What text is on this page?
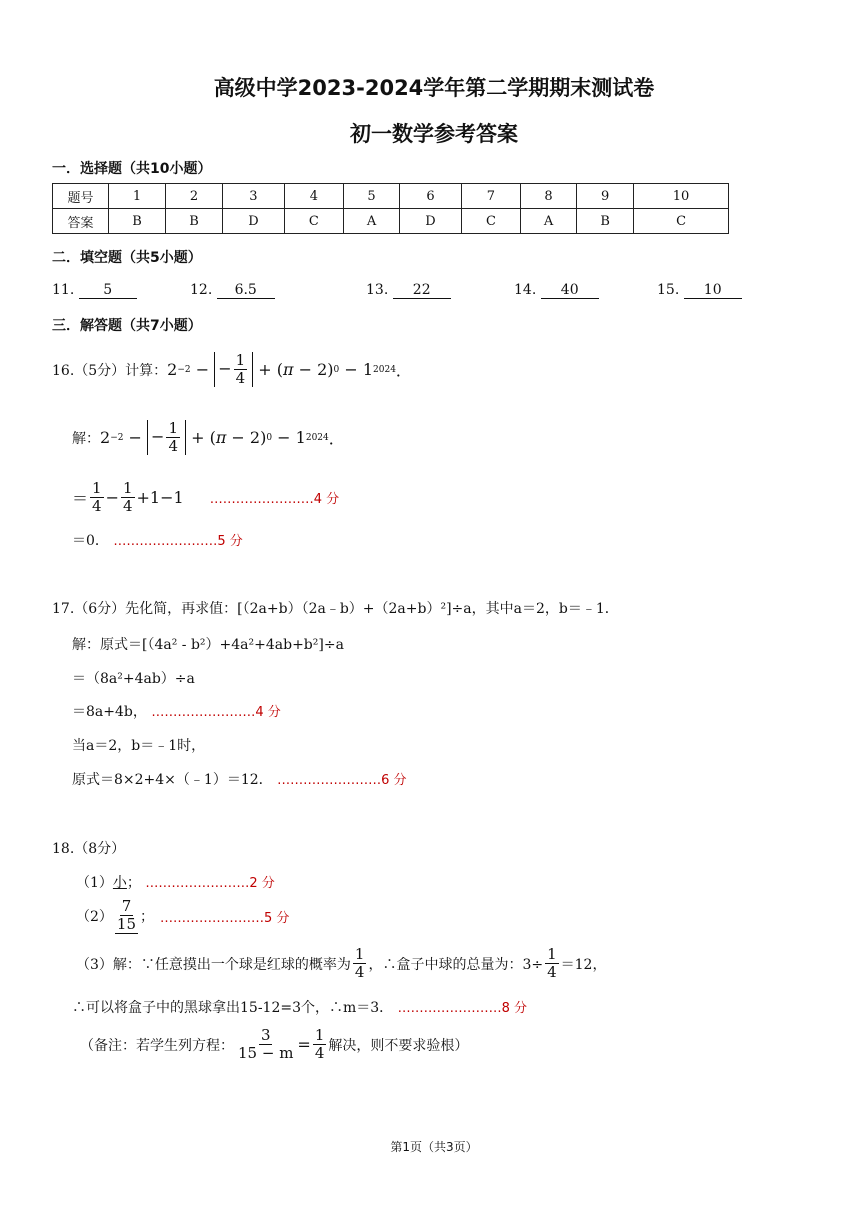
高级中学2023-2024学年第二学期期末测试卷
初一数学参考答案
一．选择题（共10小题）
题号	1	2	3	4	5	6	7	8	9	10
答案	B	B	D	C	A	D	C	A	B	C
二．填空题（共5小题）
11. 5	12. 6.5	13. 22	14. 40	15. 10
三．解答题（共7小题）
16.（5分）计算： 2 −2 − − $\frac{1}{4}$ + ( π − 2) 0 − 1 2024 ．
解： 2 −2 − − $\frac{1}{4}$ + ( π − 2) 0 − 1 2024 ．
＝ $\frac{1}{4} - \frac{1}{4} +1-1$ ……………………4 分
＝0． ……………………5 分
17.（6分）先化简，再求值：[（2a+b）（2a﹣b）+（2a+b）²]÷a，其中a＝2，b＝﹣1．
解：原式＝[（4a² - b²）+4a²+4ab+b²]÷a
＝（8a²+4ab）÷a
＝8a+4b， ……………………4 分
当a＝2，b＝﹣1时，
原式＝8×2+4×（﹣1）＝12． ……………………6 分
18.（8分）
（1）小； ……………………2 分
$(2) \frac{7}{15}$ ； ……………………5 分
（3）解：∵任意摸出一个球是红球的概率为 $\frac{1}{4}$ ，∴盒子中球的总量为：$3\div \frac{1}{4} =12$，
∴可以将盒子中的黑球拿出15-12=3个，∴m＝3． ……………………8 分
（备注：若学生列方程： $\frac{3}{15 - m} = \frac{1}{4}$ 解决，则不要求验根）
第1页（共3页）
